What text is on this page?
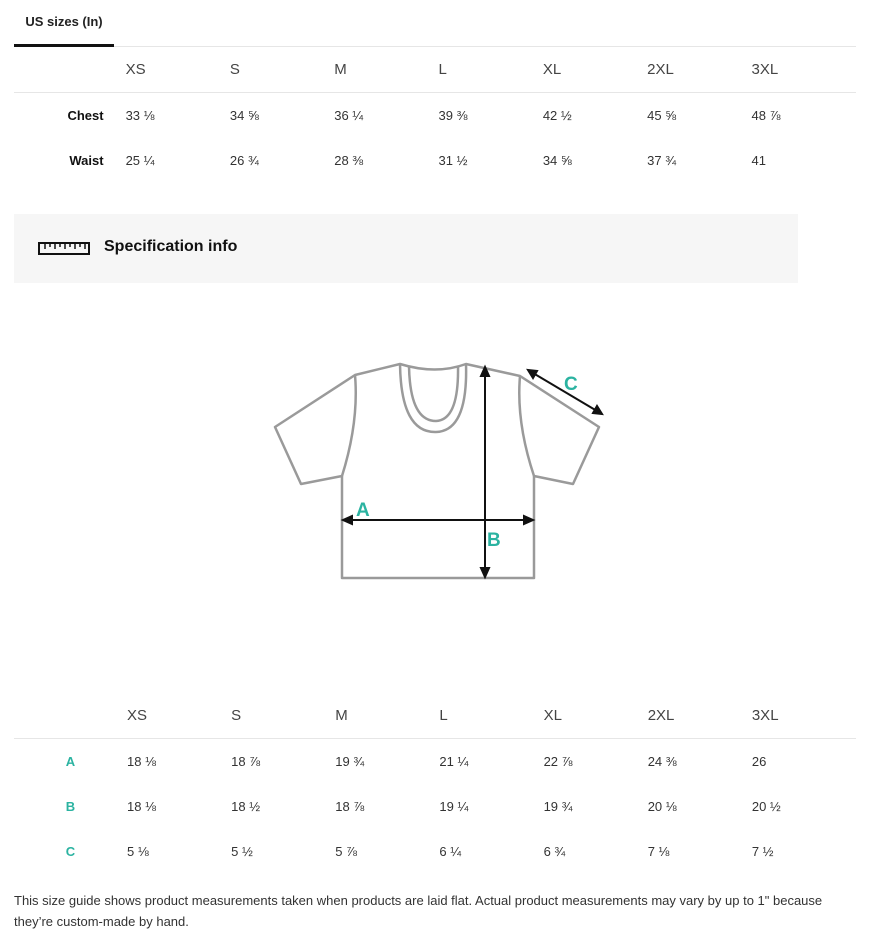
US sizes (In)
	XS	S	M	L	XL	2XL	3XL
Chest	33 ⅛	34 ⅝	36 ¼	39 ⅜	42 ½	45 ⅝	48 ⅞
Waist	25 ¼	26 ¾	28 ⅜	31 ½	34 ⅝	37 ¾	41
Specification info
A
B
C
	XS	S	M	L	XL	2XL	3XL
A	18 ⅛	18 ⅞	19 ¾	21 ¼	22 ⅞	24 ⅜	26
B	18 ⅛	18 ½	18 ⅞	19 ¼	19 ¾	20 ⅛	20 ½
C	5 ⅛	5 ½	5 ⅞	6 ¼	6 ¾	7 ⅛	7 ½
This size guide shows product measurements taken when products are laid flat. Actual product measurements may vary by up to 1" because they’re custom-made by hand.
